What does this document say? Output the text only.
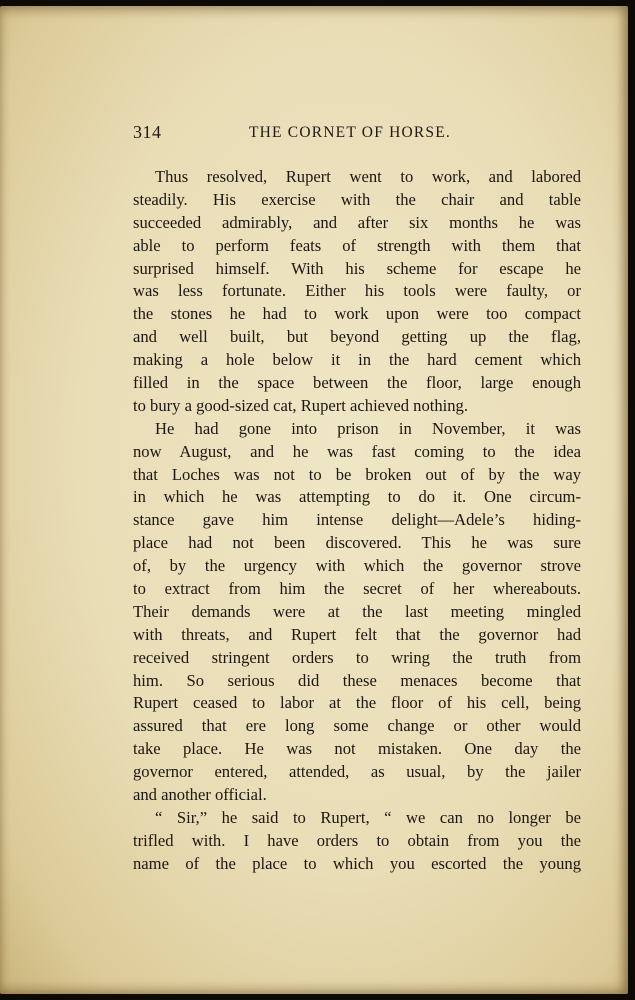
314	THE CORNET OF HORSE.
Thus resolved, Rupert went to work, and labored
steadily. His exercise with the chair and table
succeeded admirably, and after six months he was
able to perform feats of strength with them that
surprised himself. With his scheme for escape he
was less fortunate. Either his tools were faulty, or
the stones he had to work upon were too compact
and well built, but beyond getting up the flag,
making a hole below it in the hard cement which
filled in the space between the floor, large enough
to bury a good-sized cat, Rupert achieved nothing.
He had gone into prison in November, it was
now August, and he was fast coming to the idea
that Loches was not to be broken out of by the way
in which he was attempting to do it. One circum-
stance gave him intense delight—Adele’s hiding-
place had not been discovered. This he was sure
of, by the urgency with which the governor strove
to extract from him the secret of her whereabouts.
Their demands were at the last meeting mingled
with threats, and Rupert felt that the governor had
received stringent orders to wring the truth from
him. So serious did these menaces become that
Rupert ceased to labor at the floor of his cell, being
assured that ere long some change or other would
take place. He was not mistaken. One day the
governor entered, attended, as usual, by the jailer
and another official.
“ Sir,” he said to Rupert, “ we can no longer be
trifled with. I have orders to obtain from you the
name of the place to which you escorted the young
